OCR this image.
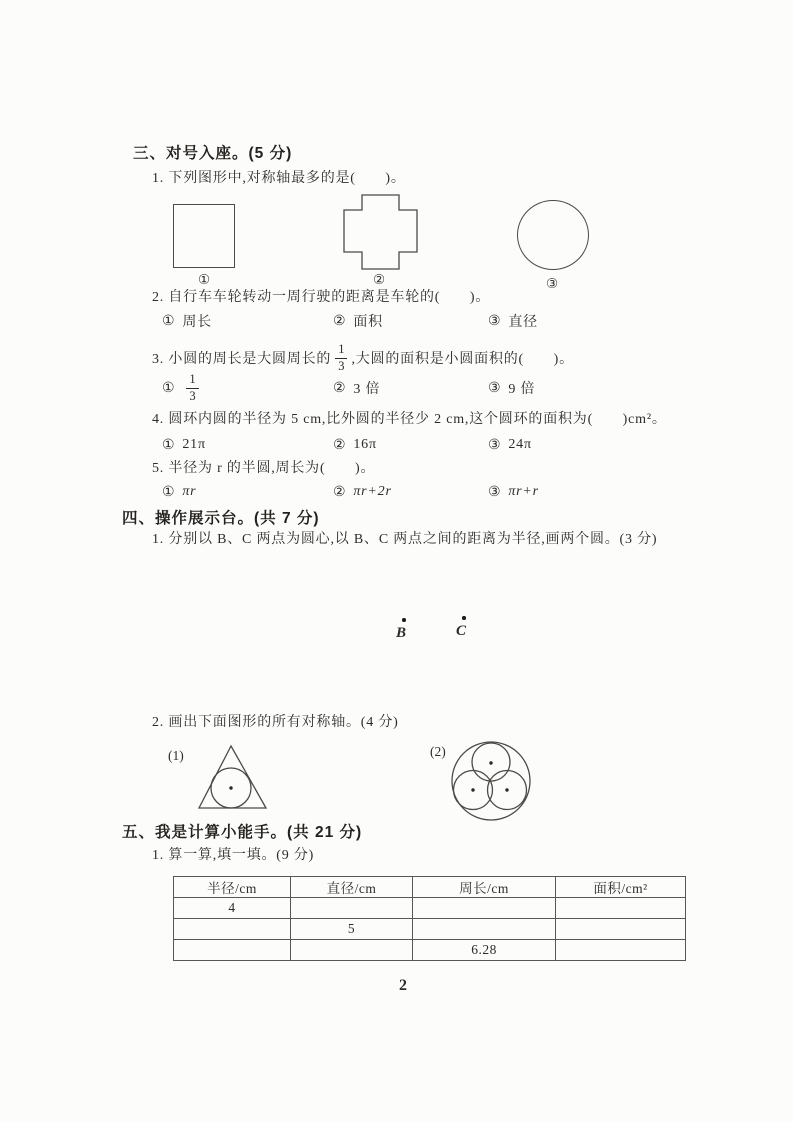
三、对号入座。(5 分)
1. 下列图形中,对称轴最多的是(　　)。
①	②	③
2. 自行车车轮转动一周行驶的距离是车轮的(　　)。
① 周长	② 面积	③ 直径
3. 小圆的周长是大圆周长的 $\frac{1}{3}$ ,大圆的面积是小圆面积的(　　)。
① $\frac{1}{3}$	② 3 倍	③ 9 倍
4. 圆环内圆的半径为 5 cm,比外圆的半径少 2 cm,这个圆环的面积为(　　)cm²。
① 21π	② 16π	③ 24π
5. 半径为 r 的半圆,周长为(　　)。
① πr	② πr+2r	③ πr+r
四、操作展示台。(共 7 分)
1. 分别以 B、C 两点为圆心,以 B、C 两点之间的距离为半径,画两个圆。(3 分)
B	C
2. 画出下面图形的所有对称轴。(4 分)
(1)	(2)
五、我是计算小能手。(共 21 分)
1. 算一算,填一填。(9 分)
半径/cm	直径/cm	周长/cm	面积/cm²
4			
	5		
		6.28	
2
